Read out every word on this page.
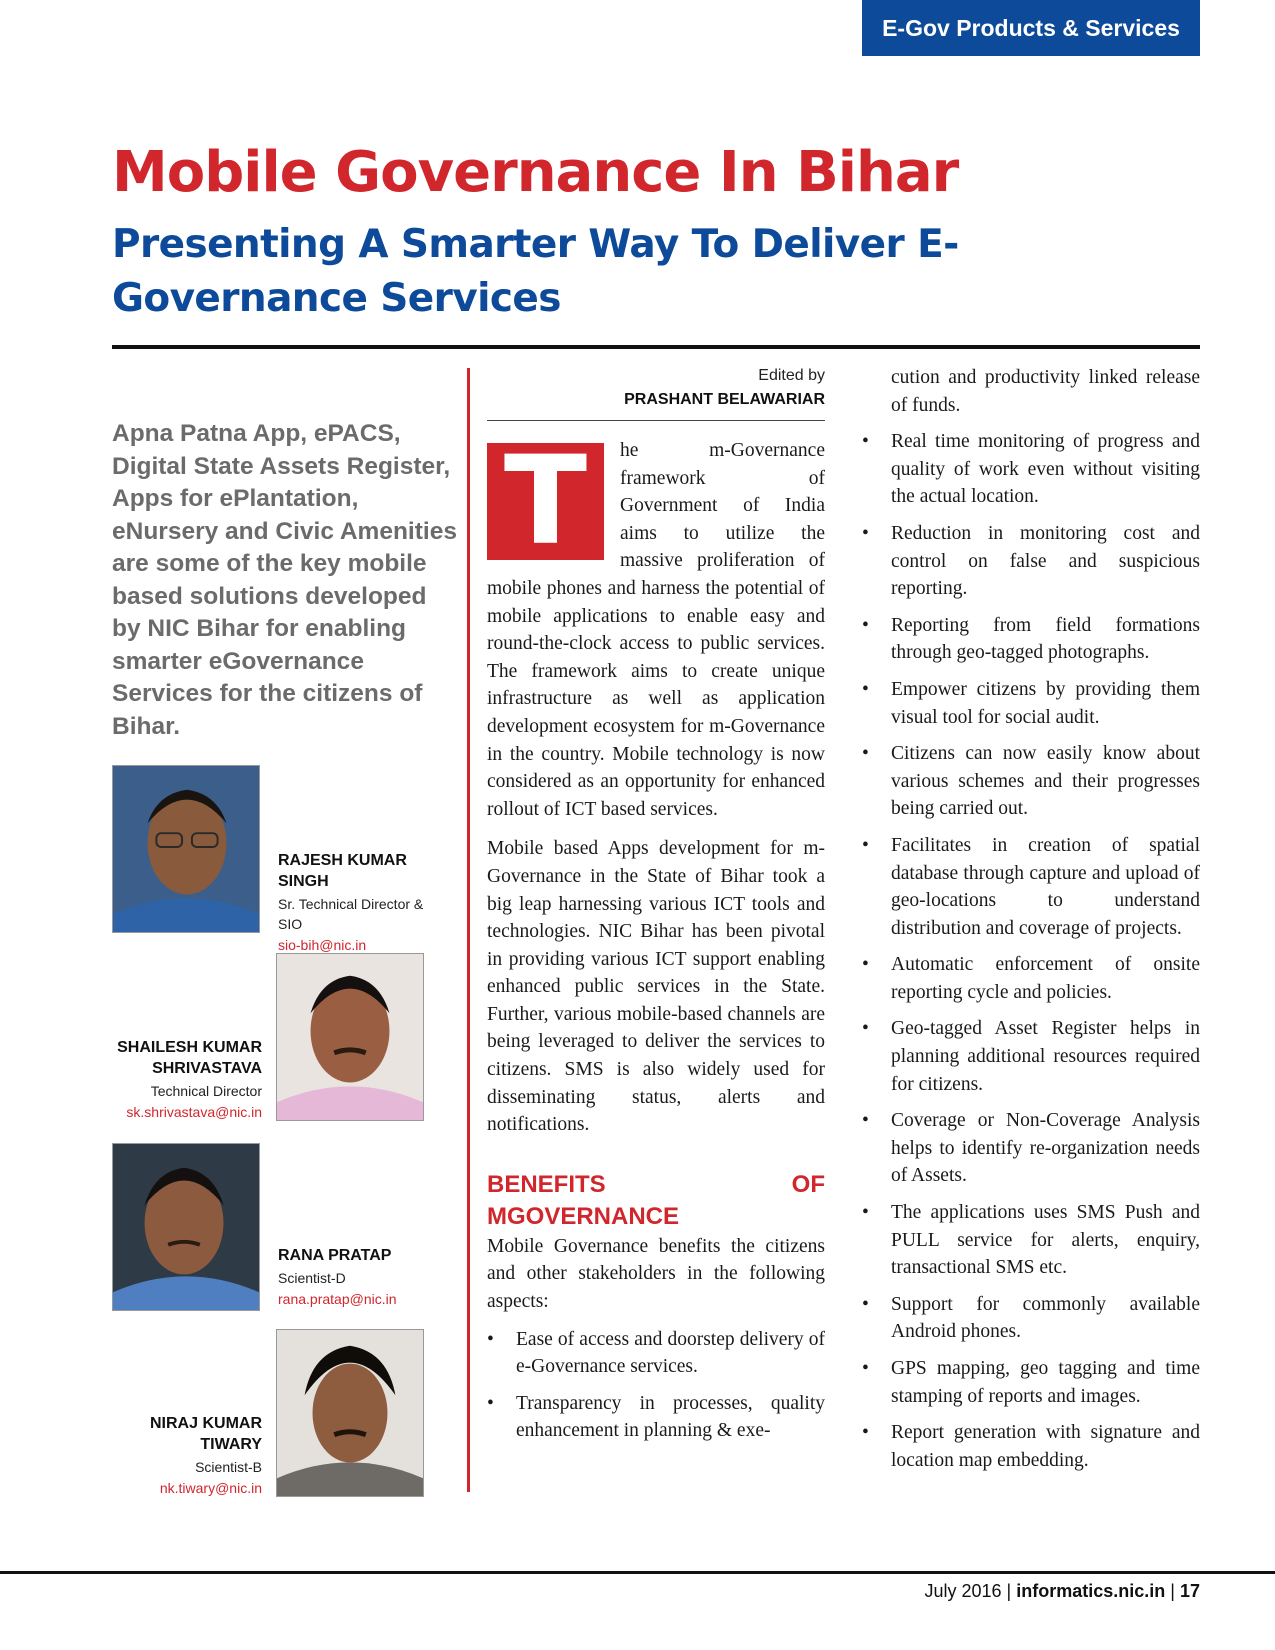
E-Gov Products & Services
Mobile Governance In Bihar
Presenting A Smarter Way To Deliver E-Governance Services

Apna Patna App, ePACS, Digital State Assets Register, Apps for ePlantation, eNursery and Civic Amenities are some of the key mobile based solutions developed by NIC Bihar for enabling smarter eGovernance Services for the citizens of Bihar.

RAJESH KUMAR SINGH
Sr. Technical Director & SIO
sio-bih@nic.in
SHAILESH KUMAR SHRIVASTAVA
Technical Director
sk.shrivastava@nic.in
RANA PRATAP
Scientist-D
rana.pratap@nic.in
NIRAJ KUMAR TIWARY
Scientist-B
nk.tiwary@nic.in
Edited by
PRASHANT BELAWARIAR
T	he m-Governance framework of Government of India aims to utilize the massive proliferation of mobile phones and harness the potential of mobile applications to enable easy and round-the-clock access to public services. The framework aims to create unique infrastructure as well as application development ecosystem for m-Governance in the country. Mobile technology is now considered as an opportunity for enhanced rollout of ICT based services.

Mobile based Apps development for m-Governance in the State of Bihar took a big leap harnessing various ICT tools and technologies. NIC Bihar has been pivotal in providing various ICT support enabling enhanced public services in the State. Further, various mobile-based channels are being leveraged to deliver the services to citizens. SMS is also widely used for disseminating status, alerts and notifications.

BENEFITS OF MGOVERNANCE

Mobile Governance benefits the citizens and other stakeholders in the following aspects:

• Ease of access and doorstep delivery of e-Governance services.
• Transparency in processes, quality enhancement in planning & exe-

cution and productivity linked release of funds.

• Real time monitoring of progress and quality of work even without visiting the actual location.
• Reduction in monitoring cost and control on false and suspicious reporting.
• Reporting from field formations through geo-tagged photographs.
• Empower citizens by providing them visual tool for social audit.
• Citizens can now easily know about various schemes and their progresses being carried out.
• Facilitates in creation of spatial database through capture and upload of geo-locations to understand distribution and coverage of projects.
• Automatic enforcement of onsite reporting cycle and policies.
• Geo-tagged Asset Register helps in planning additional resources required for citizens.
• Coverage or Non-Coverage Analysis helps to identify re-organization needs of Assets.
• The applications uses SMS Push and PULL service for alerts, enquiry, transactional SMS etc.
• Support for commonly available Android phones.
• GPS mapping, geo tagging and time stamping of reports and images.
• Report generation with signature and location map embedding.
July 2016 | informatics.nic.in | 17
